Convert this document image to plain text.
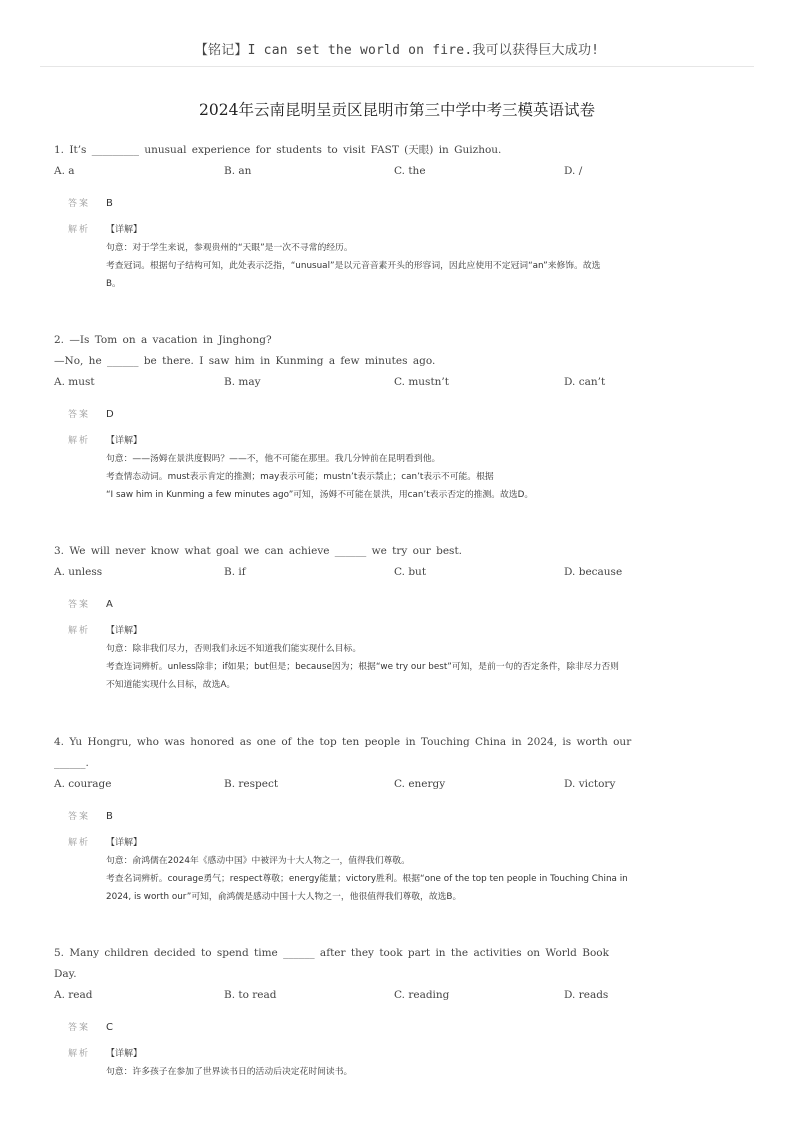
【铭记】I can set the world on fire.我可以获得巨大成功!
2024年云南昆明呈贡区昆明市第三中学中考三模英语试卷

1. It’s _________ unusual experience for students to visit FAST (天眼) in Guizhou.

A. a	B. an	C. the	D. /
答案	B
解析	【详解】
句意：对于学生来说，参观贵州的“天眼”是一次不寻常的经历。
考查冠词。根据句子结构可知，此处表示泛指，“unusual”是以元音音素开头的形容词，因此应使用不定冠词“an”来修饰。故选
B。

2. —Is Tom on a vacation in Jinghong?
—No, he ______ be there. I saw him in Kunming a few minutes ago.

A. must	B. may	C. mustn’t	D. can’t
答案	D
解析	【详解】
句意：——汤姆在景洪度假吗？——不，他不可能在那里。我几分钟前在昆明看到他。
考查情态动词。must表示肯定的推测；may表示可能；mustn’t表示禁止；can’t表示不可能。根据
“I saw him in Kunming a few minutes ago”可知，汤姆不可能在景洪，用can’t表示否定的推测。故选D。

3. We will never know what goal we can achieve ______ we try our best.

A. unless	B. if	C. but	D. because
答案	A
解析	【详解】
句意：除非我们尽力，否则我们永远不知道我们能实现什么目标。
考查连词辨析。unless除非；if如果；but但是；because因为；根据“we try our best”可知，是前一句的否定条件，除非尽力否则
不知道能实现什么目标，故选A。

4. Yu Hongru, who was honored as one of the top ten people in Touching China in 2024, is worth our
______.

A. courage	B. respect	C. energy	D. victory
答案	B
解析	【详解】
句意：俞鸿儒在2024年《感动中国》中被评为十大人物之一，值得我们尊敬。
考查名词辨析。courage勇气；respect尊敬；energy能量；victory胜利。根据“one of the top ten people in Touching China in
2024, is worth our”可知，俞鸿儒是感动中国十大人物之一，他很值得我们尊敬，故选B。

5. Many children decided to spend time ______ after they took part in the activities on World Book
Day.

A. read	B. to read	C. reading	D. reads
答案	C
解析	【详解】
句意：许多孩子在参加了世界读书日的活动后决定花时间读书。
